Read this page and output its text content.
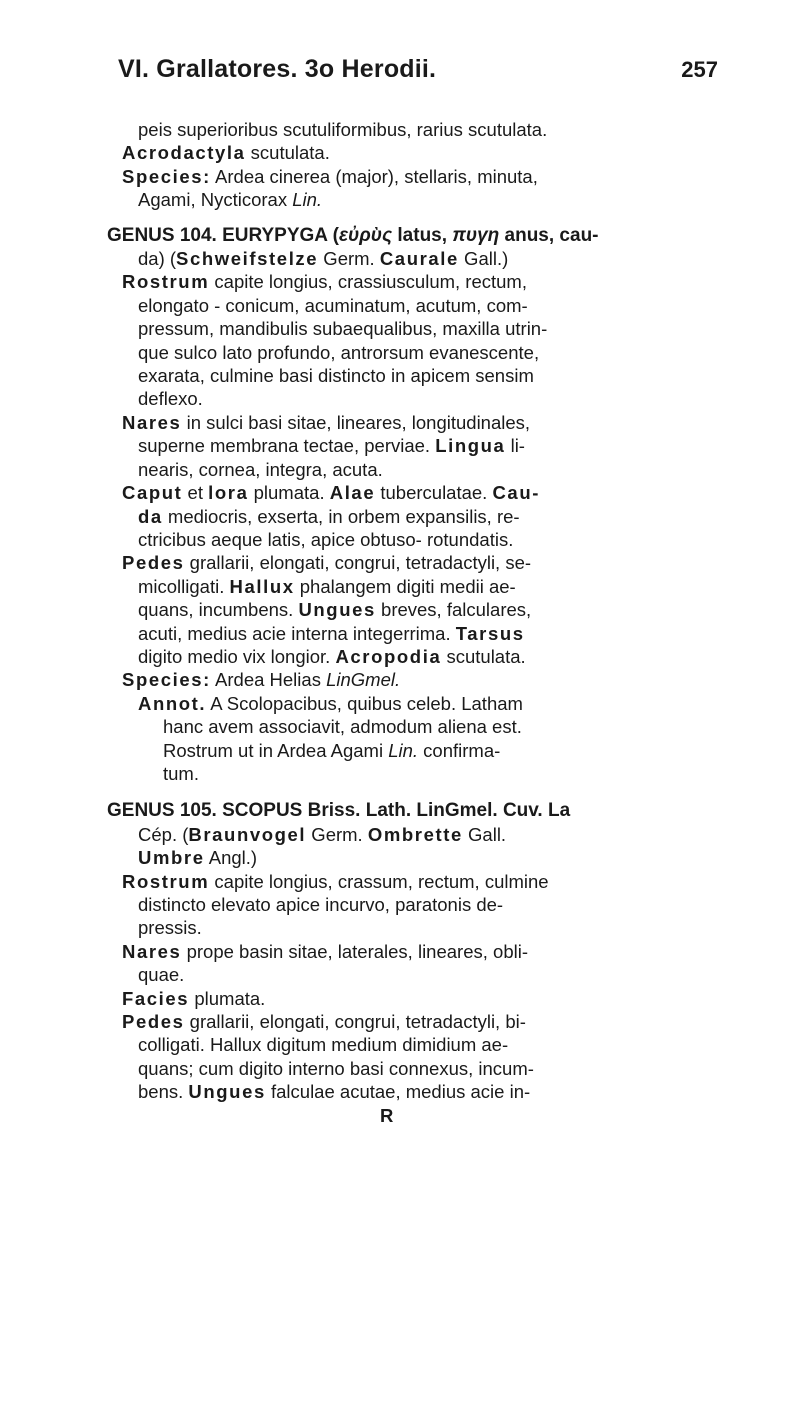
VI. Grallatores. 3o Herodii.	257
peis superioribus scutuliformibus, rarius scutulata.
Acrodactyla scutulata.
Species: Ardea cinerea (major), stellaris, minuta,
Agami, Nycticorax Lin.
GENUS 104. EURYPYGA (εὐρὺς latus, πυγη anus, cau-
da) (Schweifstelze Germ. Caurale Gall.)
Rostrum capite longius, crassiusculum, rectum,
elongato - conicum, acuminatum, acutum, com-
pressum, mandibulis subaequalibus, maxilla utrin-
que sulco lato profundo, antrorsum evanescente,
exarata, culmine basi distincto in apicem sensim
deflexo.
Nares in sulci basi sitae, lineares, longitudinales,
superne membrana tectae, perviae. Lingua li-
nearis, cornea, integra, acuta.
Caput et lora plumata. Alae tuberculatae. Cau-
da mediocris, exserta, in orbem expansilis, re-
ctricibus aeque latis, apice obtuso- rotundatis.
Pedes grallarii, elongati, congrui, tetradactyli, se-
micolligati. Hallux phalangem digiti medii ae-
quans, incumbens. Ungues breves, falculares,
acuti, medius acie interna integerrima. Tarsus
digito medio vix longior. Acropodia scutulata.
Species: Ardea Helias LinGmel.
Annot. A Scolopacibus, quibus celeb. Latham
hanc avem associavit, admodum aliena est.
Rostrum ut in Ardea Agami Lin. confirma-
tum.
GENUS 105. SCOPUS Briss. Lath. LinGmel. Cuv. La
Cép. (Braunvogel Germ. Ombrette Gall.
Umbre Angl.)
Rostrum capite longius, crassum, rectum, culmine
distincto elevato apice incurvo, paratonis de-
pressis.
Nares prope basin sitae, laterales, lineares, obli-
quae.
Facies plumata.
Pedes grallarii, elongati, congrui, tetradactyli, bi-
colligati. Hallux digitum medium dimidium ae-
quans; cum digito interno basi connexus, incum-
bens. Ungues falculae acutae, medius acie in-
R
